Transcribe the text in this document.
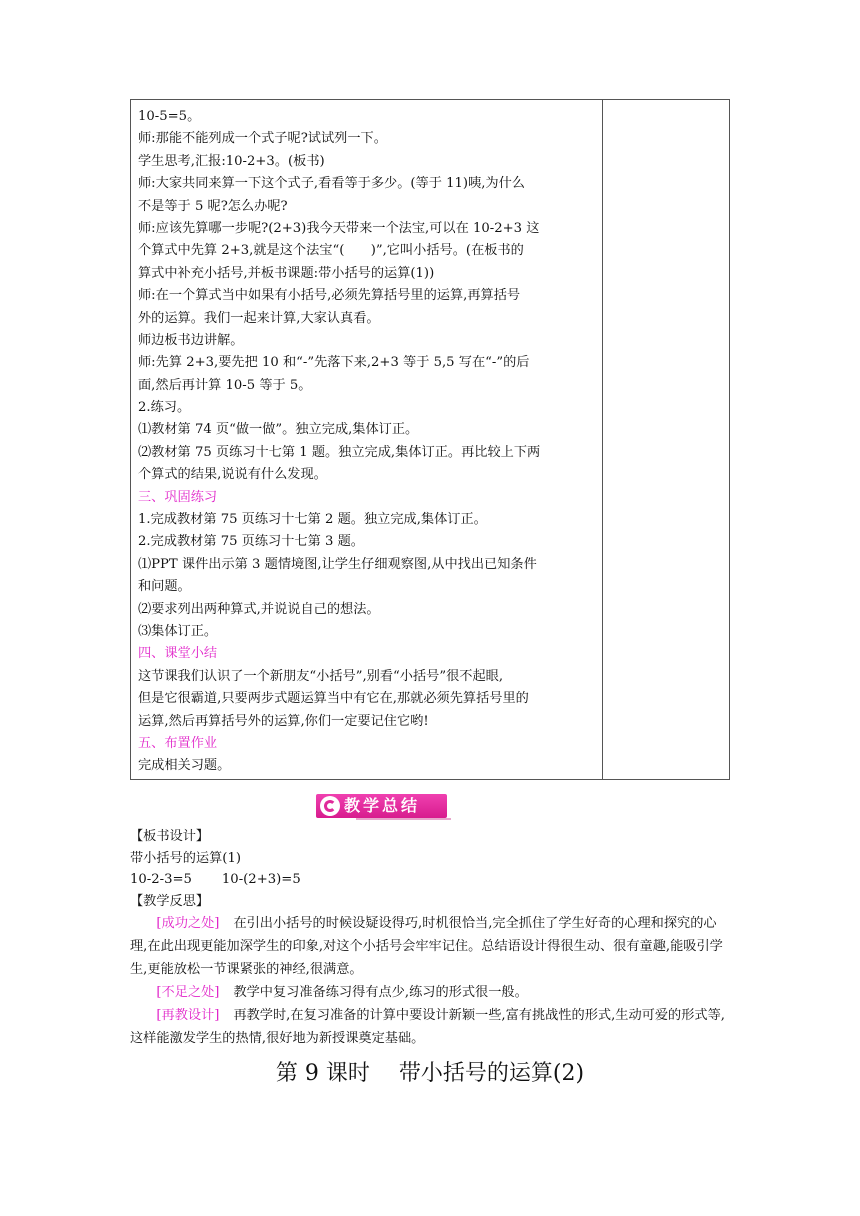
10-5=5。
师:那能不能列成一个式子呢?试试列一下。
学生思考,汇报:10-2+3。(板书)
师:大家共同来算一下这个式子,看看等于多少。(等于 11)咦,为什么
不是等于 5 呢?怎么办呢?
师:应该先算哪一步呢?(2+3)我今天带来一个法宝,可以在 10-2+3 这
个算式中先算 2+3,就是这个法宝“(　　)”,它叫小括号。(在板书的
算式中补充小括号,并板书课题:带小括号的运算(1))
师:在一个算式当中如果有小括号,必须先算括号里的运算,再算括号
外的运算。我们一起来计算,大家认真看。
师边板书边讲解。
师:先算 2+3,要先把 10 和“-”先落下来,2+3 等于 5,5 写在“-”的后
面,然后再计算 10-5 等于 5。
2.练习。
⑴教材第 74 页“做一做”。独立完成,集体订正。
⑵教材第 75 页练习十七第 1 题。独立完成,集体订正。再比较上下两
个算式的结果,说说有什么发现。
三、巩固练习
1.完成教材第 75 页练习十七第 2 题。独立完成,集体订正。
2.完成教材第 75 页练习十七第 3 题。
⑴PPT 课件出示第 3 题情境图,让学生仔细观察图,从中找出已知条件
和问题。
⑵要求列出两种算式,并说说自己的想法。
⑶集体订正。
四、课堂小结
这节课我们认识了一个新朋友“小括号”,别看“小括号”很不起眼,
但是它很霸道,只要两步式题运算当中有它在,那就必须先算括号里的
运算,然后再算括号外的运算,你们一定要记住它哟!
五、布置作业
完成相关习题。
教学总结
【板书设计】
带小括号的运算(1)
10-2-3=5 10-(2+3)=5
【教学反思】
[成功之处] 在引出小括号的时候设疑设得巧,时机很恰当,完全抓住了学生好奇的心理和探究的心理,在此出现更能加深学生的印象,对这个小括号会牢牢记住。总结语设计得很生动、很有童趣,能吸引学生,更能放松一节课紧张的神经,很满意。
[不足之处] 教学中复习准备练习得有点少,练习的形式很一般。
[再教设计] 再教学时,在复习准备的计算中要设计新颖一些,富有挑战性的形式,生动可爱的形式等,这样能激发学生的热情,很好地为新授课奠定基础。
第 9 课时　 带小括号的运算(2)
